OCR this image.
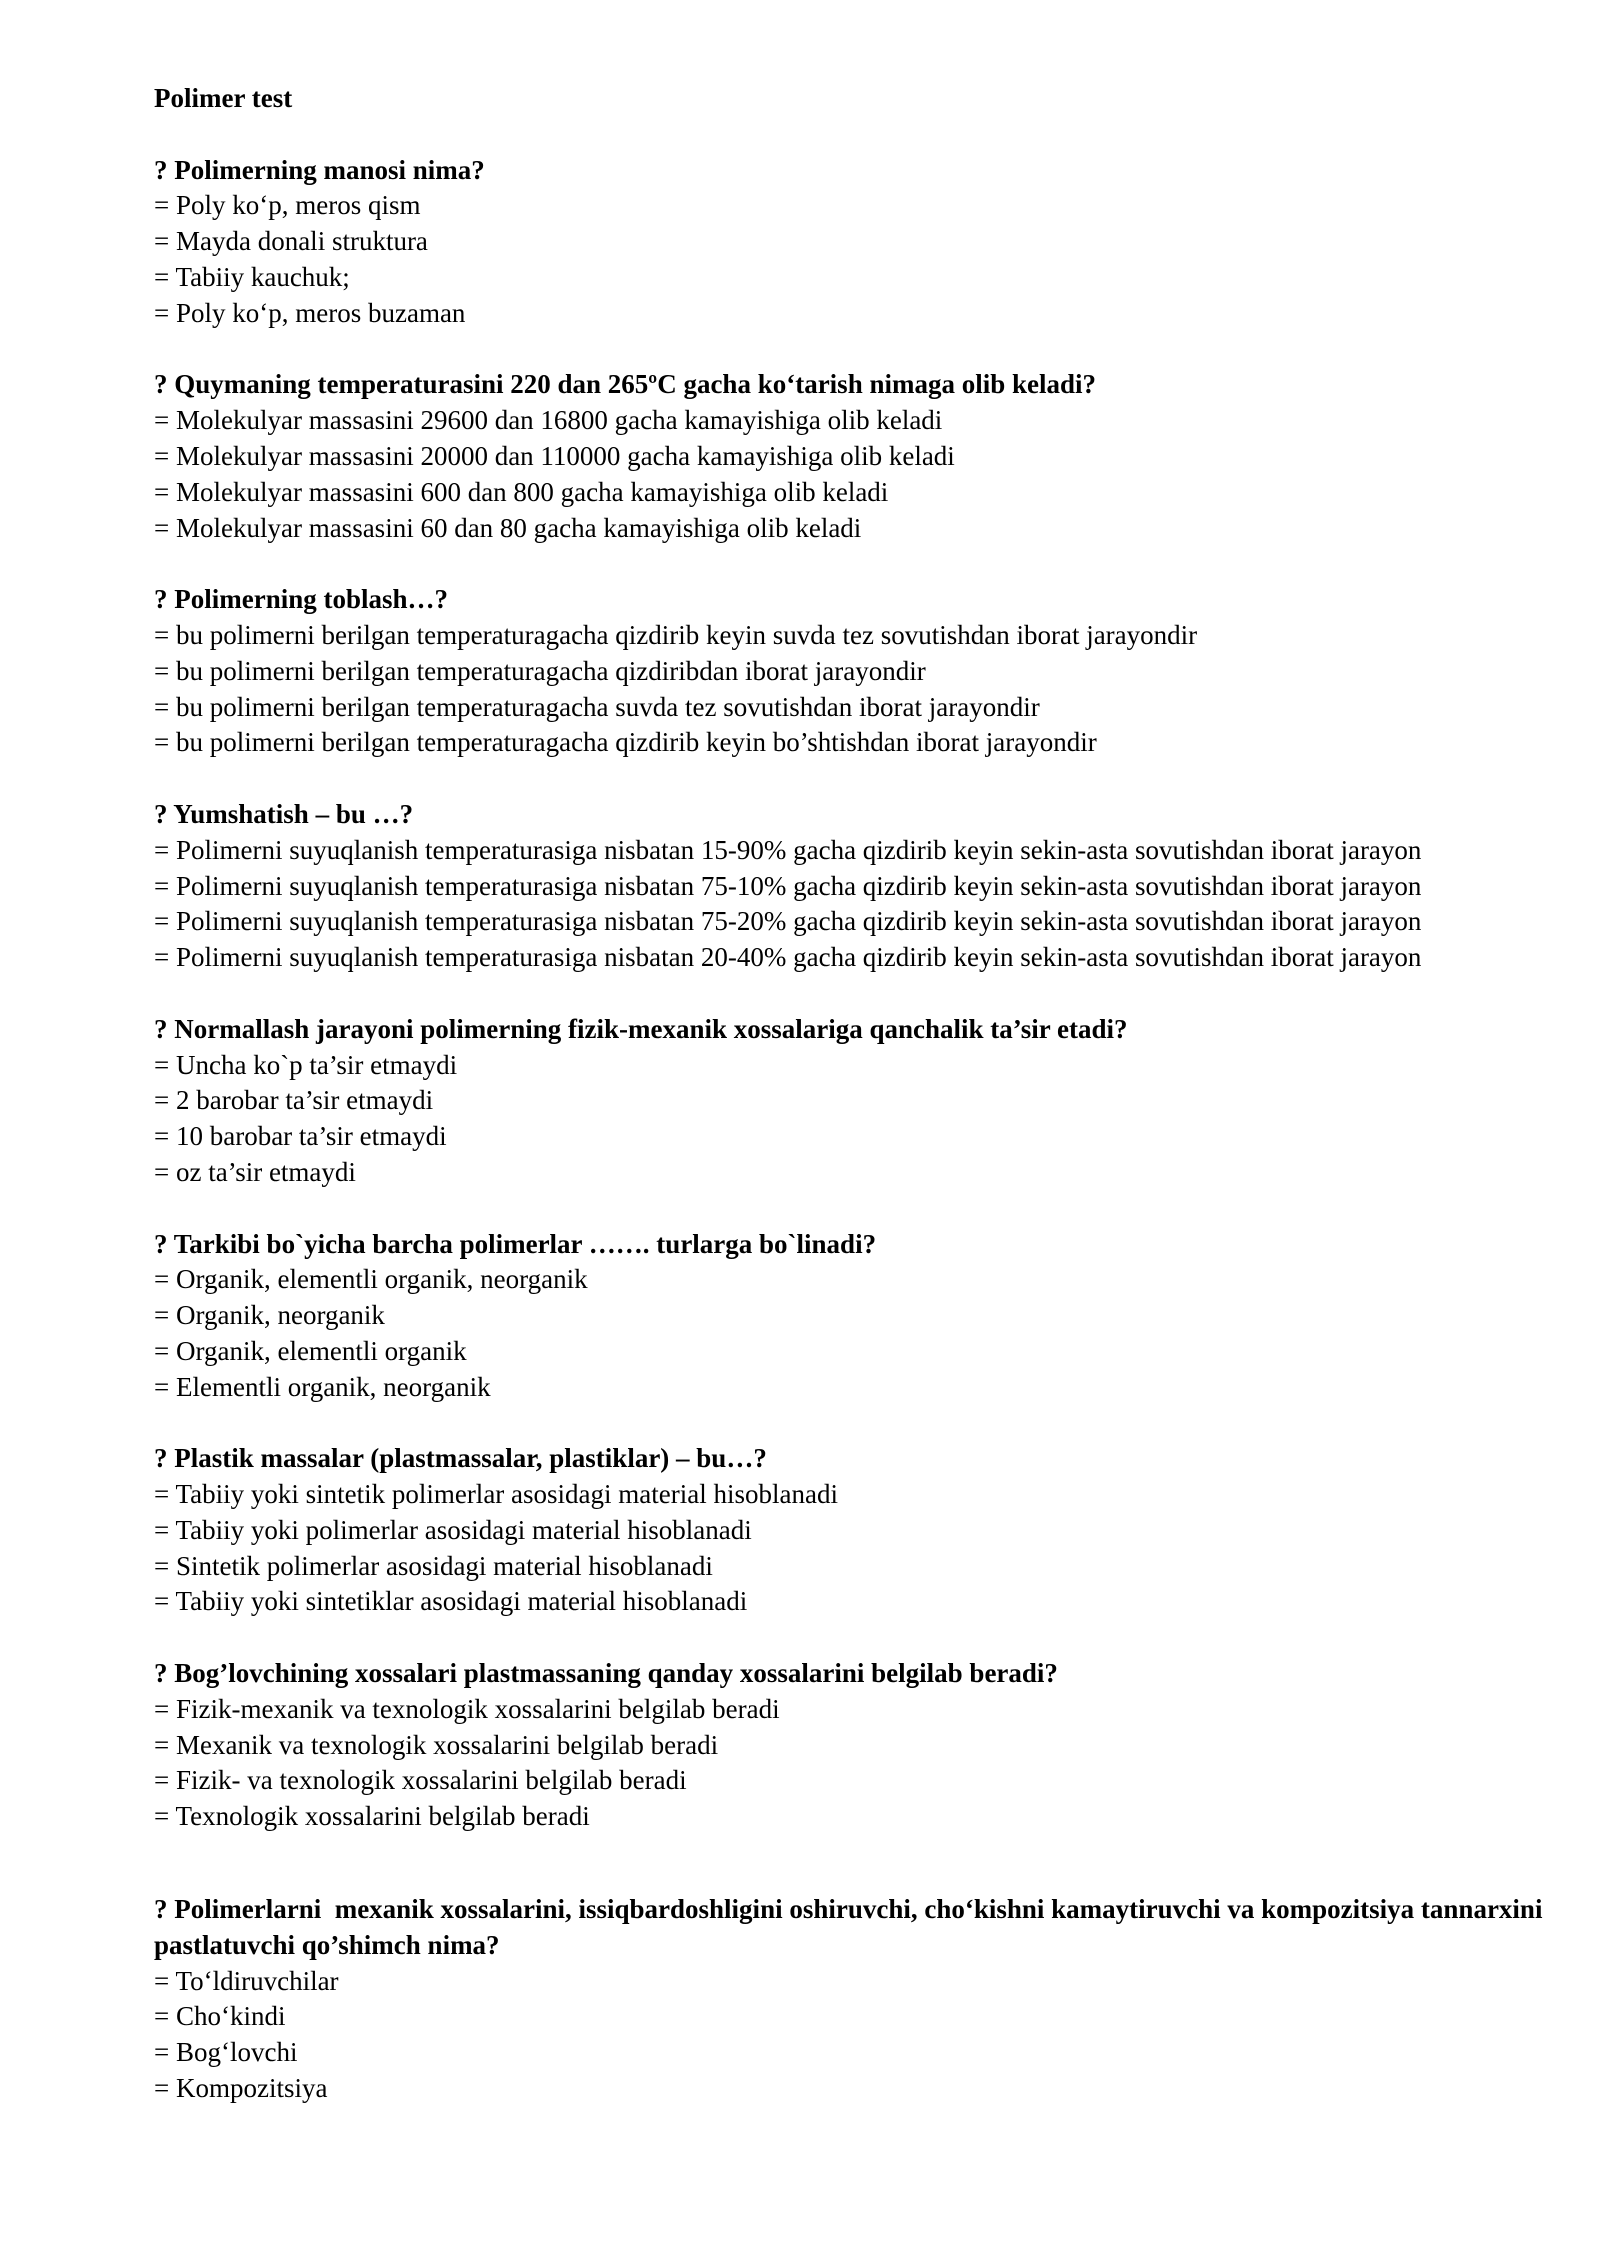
Polimer test
? Polimerning manosi nima?
= Poly ko‘p, meros qism
= Mayda donali struktura
= Tabiiy kauchuk;
= Poly ko‘p, meros buzaman
? Quymaning temperaturasini 220 dan 265ºC gacha ko‘tarish nimaga olib keladi?
= Molekulyar massasini 29600 dan 16800 gacha kamayishiga olib keladi
= Molekulyar massasini 20000 dan 110000 gacha kamayishiga olib keladi
= Molekulyar massasini 600 dan 800 gacha kamayishiga olib keladi
= Molekulyar massasini 60 dan 80 gacha kamayishiga olib keladi
? Polimerning toblash…?
= bu polimerni berilgan temperaturagacha qizdirib keyin suvda tez sovutishdan iborat jarayondir
= bu polimerni berilgan temperaturagacha qizdiribdan iborat jarayondir
= bu polimerni berilgan temperaturagacha suvda tez sovutishdan iborat jarayondir
= bu polimerni berilgan temperaturagacha qizdirib keyin bo’shtishdan iborat jarayondir
? Yumshatish – bu …?
= Polimerni suyuqlanish temperaturasiga nisbatan 15-90% gacha qizdirib keyin sekin-asta sovutishdan iborat jarayon
= Polimerni suyuqlanish temperaturasiga nisbatan 75-10% gacha qizdirib keyin sekin-asta sovutishdan iborat jarayon
= Polimerni suyuqlanish temperaturasiga nisbatan 75-20% gacha qizdirib keyin sekin-asta sovutishdan iborat jarayon
= Polimerni suyuqlanish temperaturasiga nisbatan 20-40% gacha qizdirib keyin sekin-asta sovutishdan iborat jarayon
? Normallash jarayoni polimerning fizik-mexanik xossalariga qanchalik ta’sir etadi?
= Uncha ko`p ta’sir etmaydi
= 2 barobar ta’sir etmaydi
= 10 barobar ta’sir etmaydi
= oz ta’sir etmaydi
? Tarkibi bo`yicha barcha polimerlar ……. turlarga bo`linadi?
= Organik, elementli organik, neorganik
= Organik, neorganik
= Organik, elementli organik
= Elementli organik, neorganik
? Plastik massalar (plastmassalar, plastiklar) – bu…?
= Tabiiy yoki sintetik polimerlar asosidagi material hisoblanadi
= Tabiiy yoki polimerlar asosidagi material hisoblanadi
= Sintetik polimerlar asosidagi material hisoblanadi
= Tabiiy yoki sintetiklar asosidagi material hisoblanadi
? Bog’lovchining xossalari plastmassaning qanday xossalarini belgilab beradi?
= Fizik-mexanik va texnologik xossalarini belgilab beradi
= Mexanik va texnologik xossalarini belgilab beradi
= Fizik- va texnologik xossalarini belgilab beradi
= Texnologik xossalarini belgilab beradi
? Polimerlarni  mexanik xossalarini, issiqbardoshligini oshiruvchi, cho‘kishni kamaytiruvchi va kompozitsiya tannarxini pastlatuvchi qo’shimch nima?
= To‘ldiruvchilar
= Cho‘kindi
= Bog‘lovchi
= Kompozitsiya
